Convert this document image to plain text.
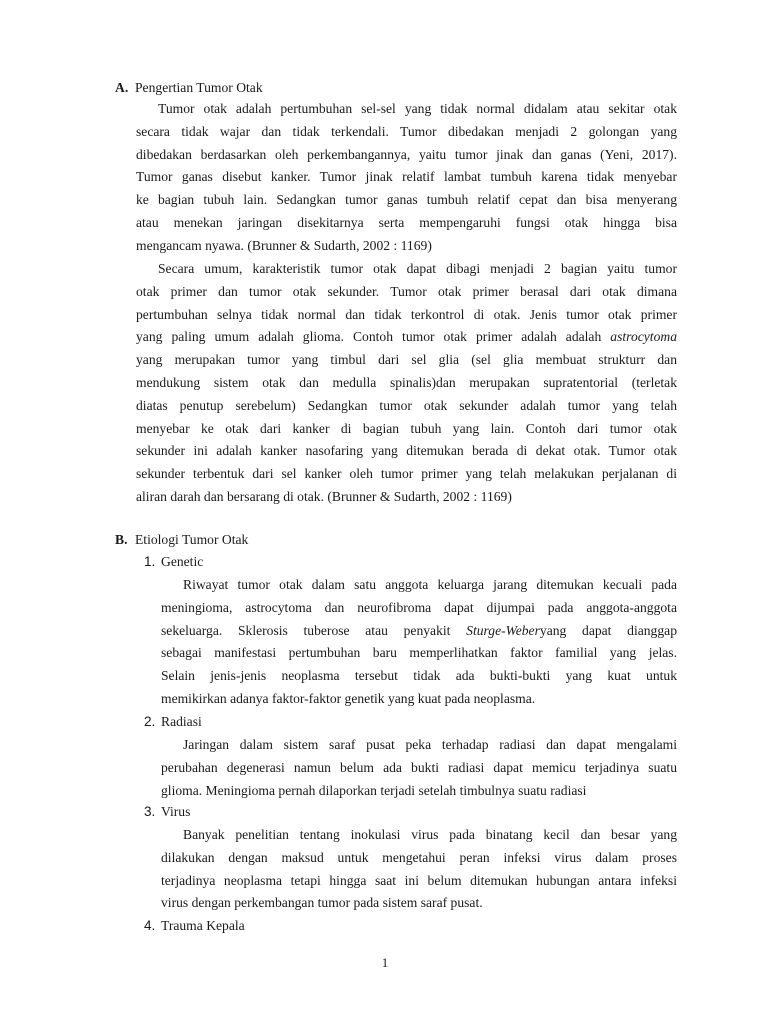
A. Pengertian Tumor Otak
Tumor otak adalah pertumbuhan sel-sel yang tidak normal didalam atau sekitar otak
secara tidak wajar dan tidak terkendali. Tumor dibedakan menjadi 2 golongan yang
dibedakan berdasarkan oleh perkembangannya, yaitu tumor jinak dan ganas (Yeni, 2017).
Tumor ganas disebut kanker. Tumor jinak relatif lambat tumbuh karena tidak menyebar
ke bagian tubuh lain. Sedangkan tumor ganas tumbuh relatif cepat dan bisa menyerang
atau menekan jaringan disekitarnya serta mempengaruhi fungsi otak hingga bisa
mengancam nyawa. (Brunner & Sudarth, 2002 : 1169)
Secara umum, karakteristik tumor otak dapat dibagi menjadi 2 bagian yaitu tumor
otak primer dan tumor otak sekunder. Tumor otak primer berasal dari otak dimana
pertumbuhan selnya tidak normal dan tidak terkontrol di otak. Jenis tumor otak primer
yang paling umum adalah glioma. Contoh tumor otak primer adalah adalah astrocytoma
yang merupakan tumor yang timbul dari sel glia (sel glia membuat strukturr dan
mendukung sistem otak dan medulla spinalis)dan merupakan supratentorial (terletak
diatas penutup serebelum) Sedangkan tumor otak sekunder adalah tumor yang telah
menyebar ke otak dari kanker di bagian tubuh yang lain. Contoh dari tumor otak
sekunder ini adalah kanker nasofaring yang ditemukan berada di dekat otak. Tumor otak
sekunder terbentuk dari sel kanker oleh tumor primer yang telah melakukan perjalanan di
aliran darah dan bersarang di otak. (Brunner & Sudarth, 2002 : 1169)
B. Etiologi Tumor Otak
1. Genetic
Riwayat tumor otak dalam satu anggota keluarga jarang ditemukan kecuali pada
meningioma, astrocytoma dan neurofibroma dapat dijumpai pada anggota-anggota
sekeluarga. Sklerosis tuberose atau penyakit Sturge-Weberyang dapat dianggap
sebagai manifestasi pertumbuhan baru memperlihatkan faktor familial yang jelas.
Selain jenis-jenis neoplasma tersebut tidak ada bukti-bukti yang kuat untuk
memikirkan adanya faktor-faktor genetik yang kuat pada neoplasma.
2. Radiasi
Jaringan dalam sistem saraf pusat peka terhadap radiasi dan dapat mengalami
perubahan degenerasi namun belum ada bukti radiasi dapat memicu terjadinya suatu
glioma. Meningioma pernah dilaporkan terjadi setelah timbulnya suatu radiasi
3. Virus
Banyak penelitian tentang inokulasi virus pada binatang kecil dan besar yang
dilakukan dengan maksud untuk mengetahui peran infeksi virus dalam proses
terjadinya neoplasma tetapi hingga saat ini belum ditemukan hubungan antara infeksi
virus dengan perkembangan tumor pada sistem saraf pusat.
4. Trauma Kepala
1
